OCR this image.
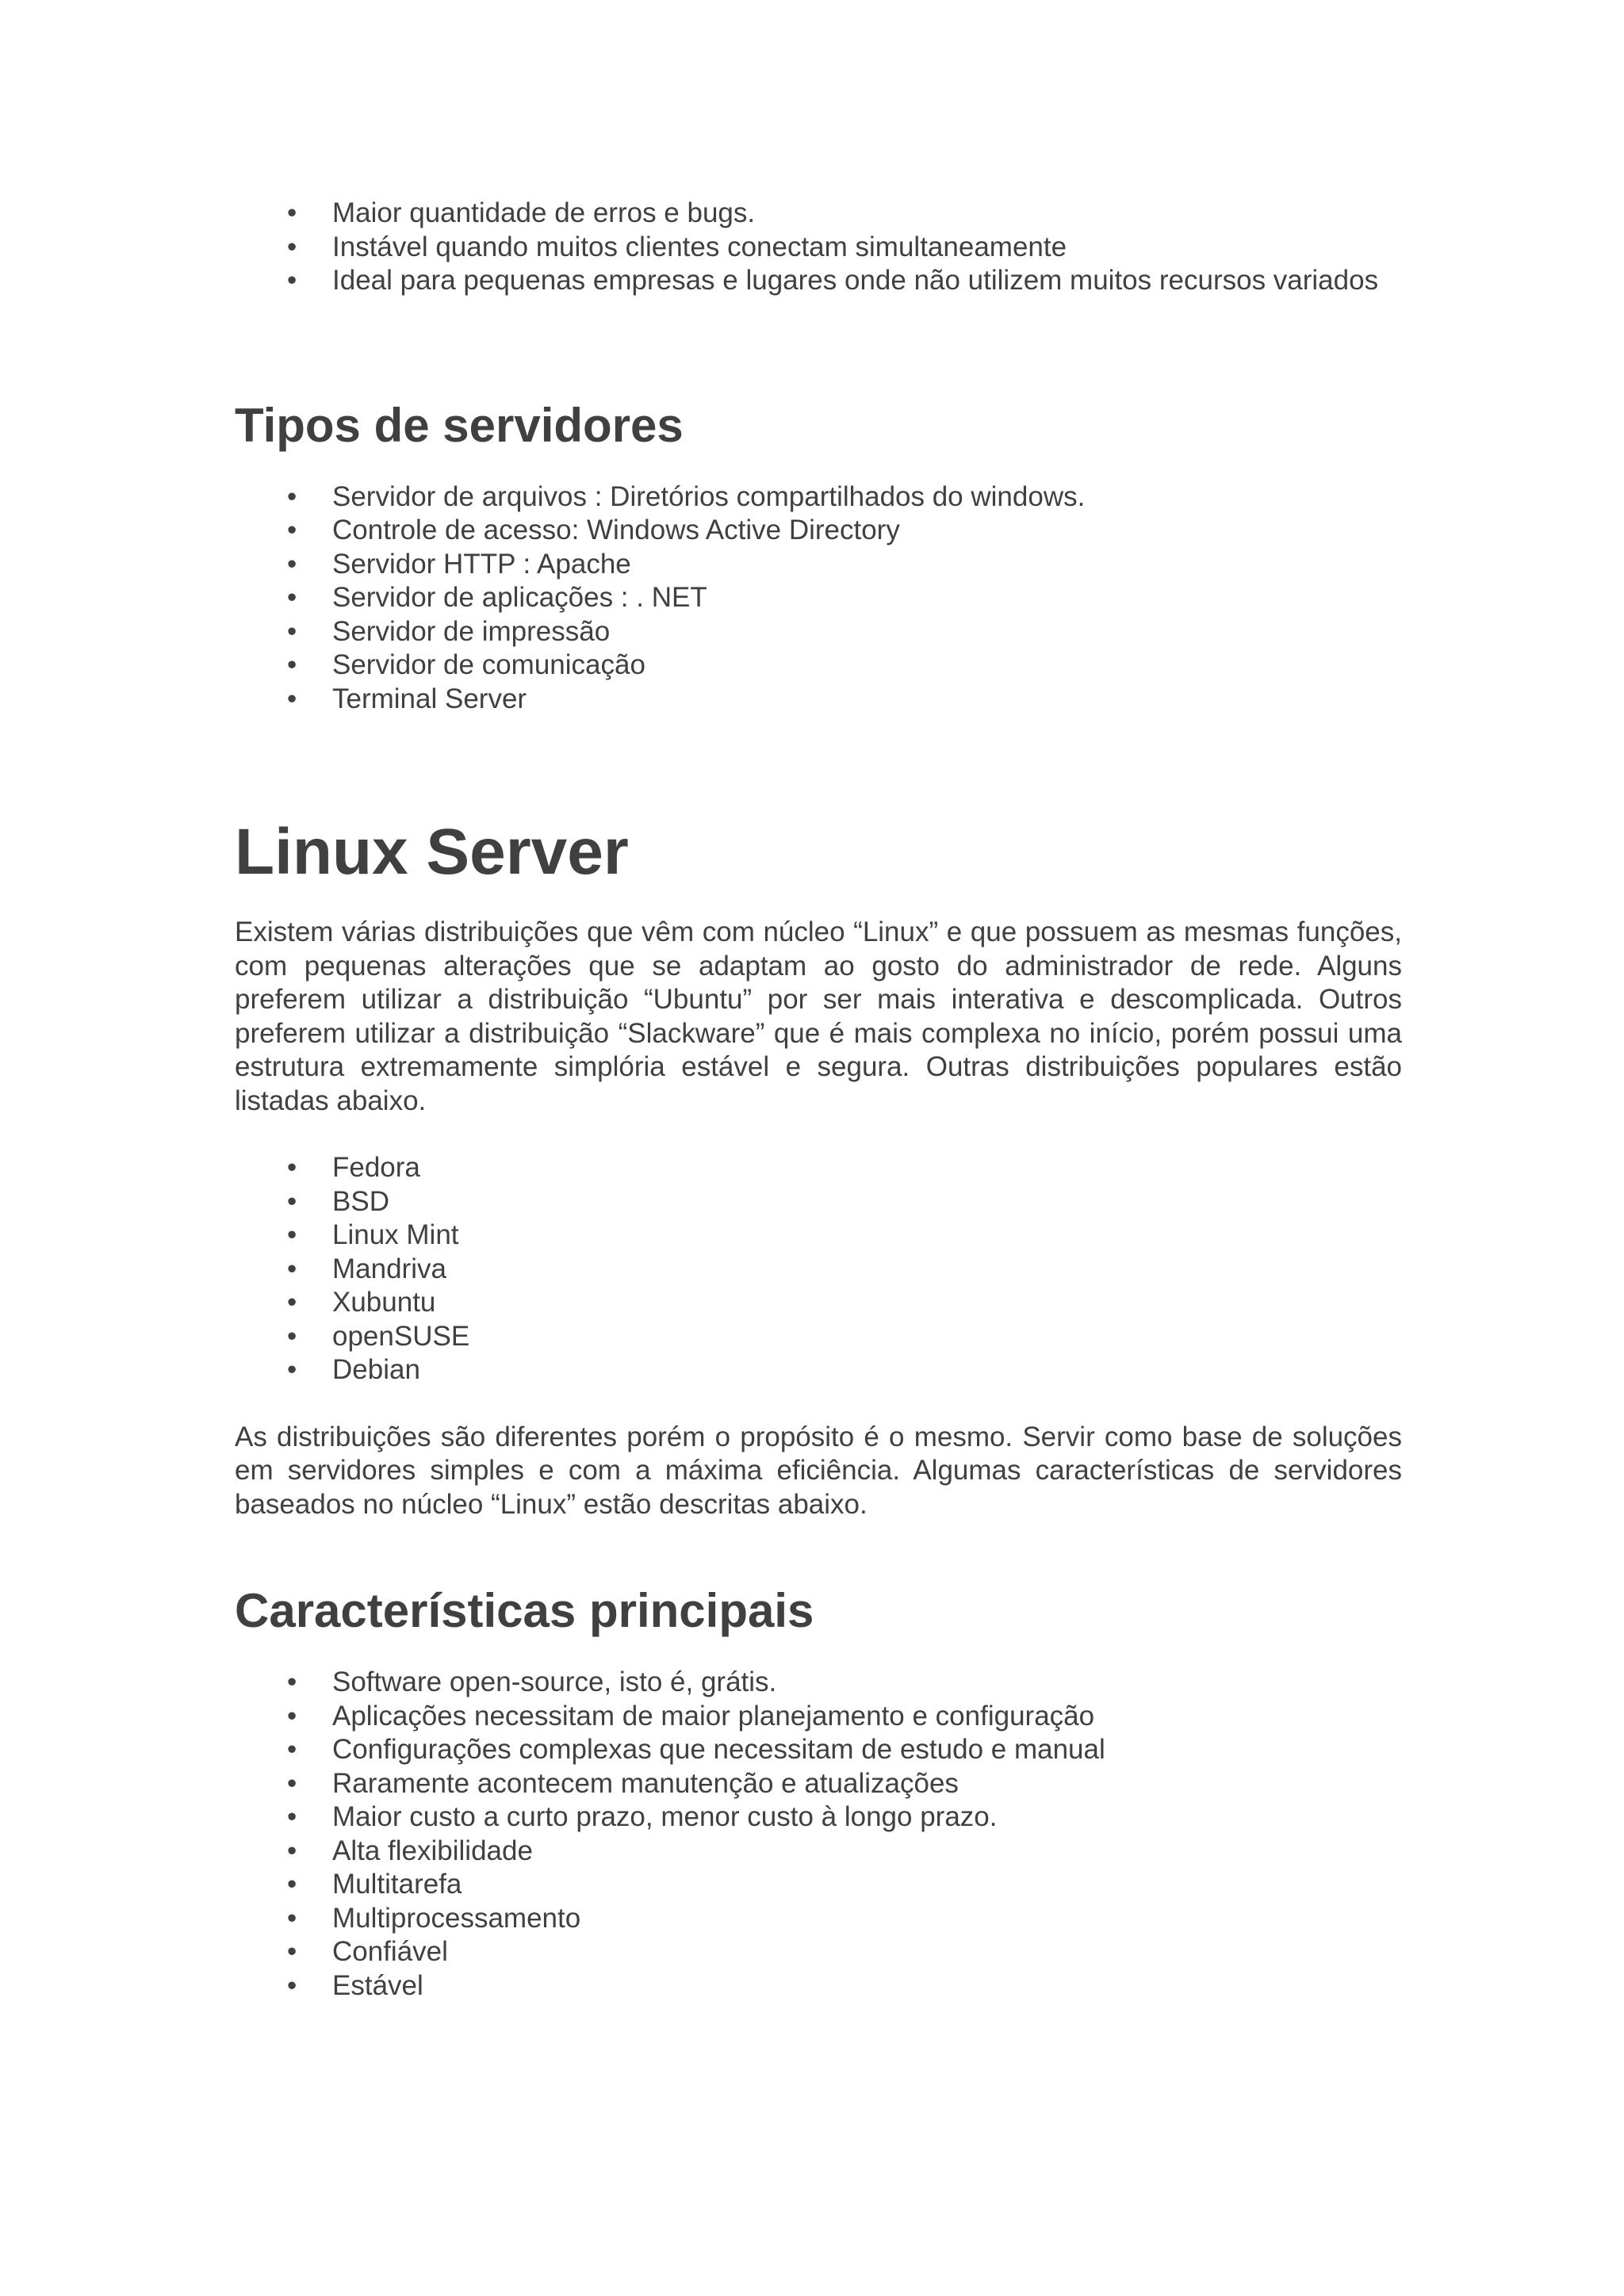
• Maior quantidade de erros e bugs.
• Instável quando muitos clientes conectam simultaneamente
• Ideal para pequenas empresas e lugares onde não utilizem muitos recursos variados
Tipos de servidores
• Servidor de arquivos : Diretórios compartilhados do windows.
• Controle de acesso: Windows Active Directory
• Servidor HTTP : Apache
• Servidor de aplicações : . NET
• Servidor de impressão
• Servidor de comunicação
• Terminal Server
Linux Server

Existem várias distribuições que vêm com núcleo “Linux” e que possuem as mesmas funções, com pequenas alterações que se adaptam ao gosto do administrador de rede. Alguns preferem utilizar a distribuição “Ubuntu” por ser mais interativa e descomplicada. Outros preferem utilizar a distribuição “Slackware” que é mais complexa no início, porém possui uma estrutura extremamente simplória estável e segura. Outras distribuições populares estão listadas abaixo.

• Fedora
• BSD
• Linux Mint
• Mandriva
• Xubuntu
• openSUSE
• Debian

As distribuições são diferentes porém o propósito é o mesmo. Servir como base de soluções em servidores simples e com a máxima eficiência. Algumas características de servidores baseados no núcleo “Linux” estão descritas abaixo.

Características principais
• Software open-source, isto é, grátis.
• Aplicações necessitam de maior planejamento e configuração
• Configurações complexas que necessitam de estudo e manual
• Raramente acontecem manutenção e atualizações
• Maior custo a curto prazo, menor custo à longo prazo.
• Alta flexibilidade
• Multitarefa
• Multiprocessamento
• Confiável
• Estável
